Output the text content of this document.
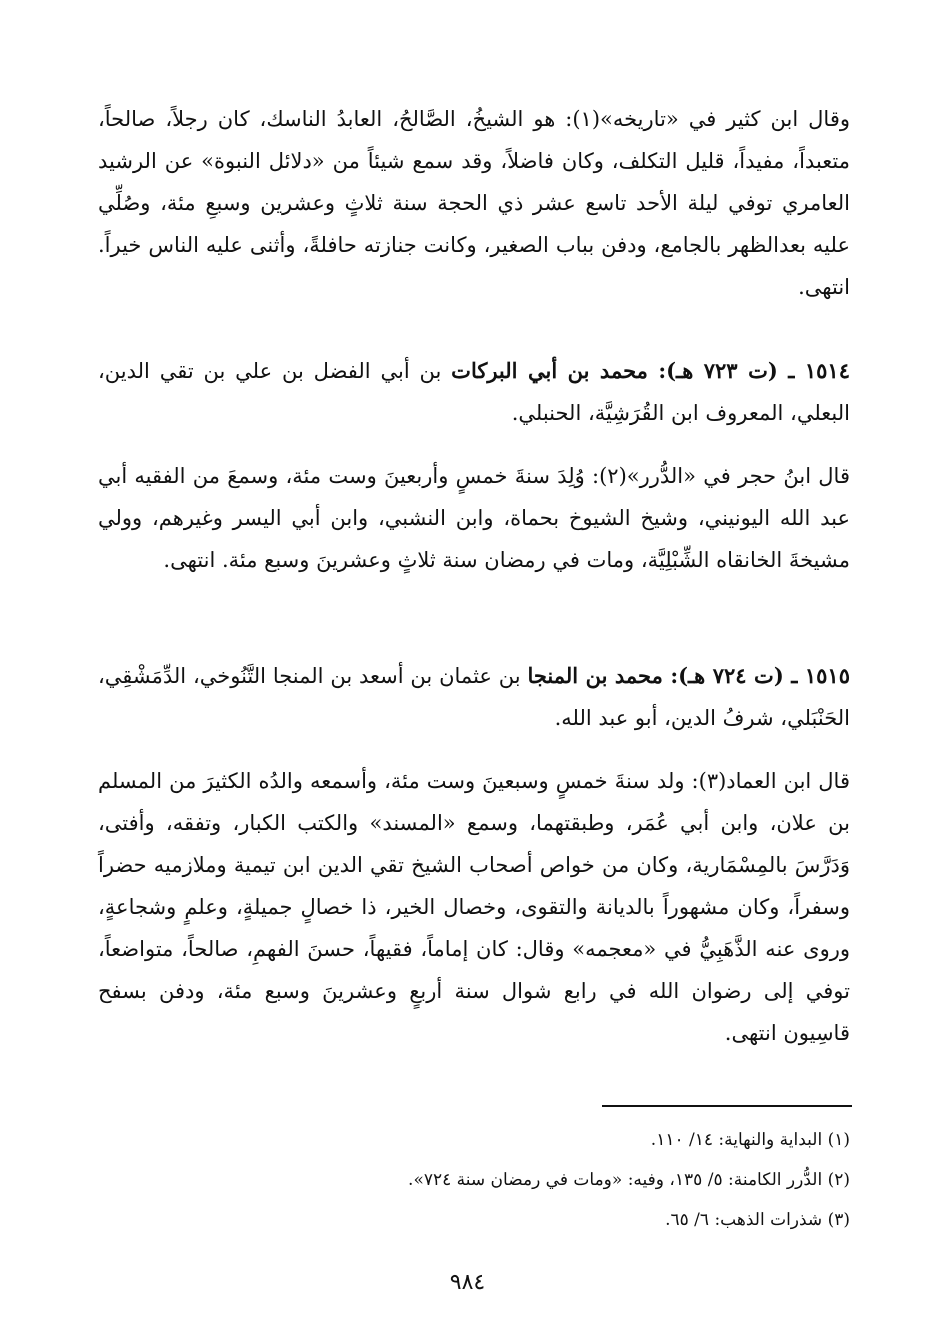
وقال ابن كثير في «تاريخه»(١): هو الشيخُ، الصَّالحُ، العابدُ الناسك، كان رجلاً، صالحاً، متعبداً، مفيداً، قليل التكلف، وكان فاضلاً، وقد سمع شيئاً من «دلائل النبوة» عن الرشيد العامري توفي ليلة الأحد تاسع عشر ذي الحجة سنة ثلاثٍ وعشرين وسبعِ مئة، وصُلِّي عليه بعدالظهر بالجامع، ودفن بباب الصغير، وكانت جنازته حافلةً، وأثنى عليه الناس خيراً. انتهى.

١٥١٤ ـ (ت ٧٢٣ هـ): محمد بن أبي البركات بن أبي الفضل بن علي بن تقي الدين، البعلي، المعروف ابن القُرَشِيَّة، الحنبلي.

قال ابنُ حجر في «الدُّرر»(٢): وُلِدَ سنةَ خمسٍ وأربعينَ وست مئة، وسمعَ من الفقيه أبي عبد الله اليونيني، وشيخ الشيوخ بحماة، وابن النشبي، وابن أبي اليسر وغيرهم، وولي مشيخةَ الخانقاه الشِّبْلِيَّة، ومات في رمضان سنة ثلاثٍ وعشرينَ وسبع مئة. انتهى.

١٥١٥ ـ (ت ٧٢٤ هـ): محمد بن المنجا بن عثمان بن أسعد بن المنجا التَّنُوخي، الدِّمَشْقِي، الحَنْبَلي، شرفُ الدين، أبو عبد الله.

قال ابن العماد(٣): ولد سنةَ خمسٍ وسبعينَ وست مئة، وأسمعه والدُه الكثيرَ من المسلم بن علان، وابن أبي عُمَر، وطبقتهما، وسمع «المسند» والكتب الكبار، وتفقه، وأفتى، وَدَرَّسَ بالمِسْمَارية، وكان من خواص أصحاب الشيخ تقي الدين ابن تيمية وملازميه حضراً وسفراً، وكان مشهوراً بالديانة والتقوى، وخصال الخير، ذا خصالٍ جميلةٍ، وعلمٍ وشجاعةٍ، وروى عنه الذَّهَبِيُّ في «معجمه» وقال: كان إماماً، فقيهاً، حسنَ الفهمِ، صالحاً، متواضعاً، توفي إلى رضوان الله في رابع شوال سنة أربعٍ وعشرينَ وسبع مئة، ودفن بسفح قاسِيون انتهى.

(١) البداية والنهاية: ١٤/ ١١٠.
(٢) الدُّرر الكامنة: ٥/ ١٣٥، وفيه: «ومات في رمضان سنة ٧٢٤».
(٣) شذرات الذهب: ٦/ ٦٥.
٩٨٤
